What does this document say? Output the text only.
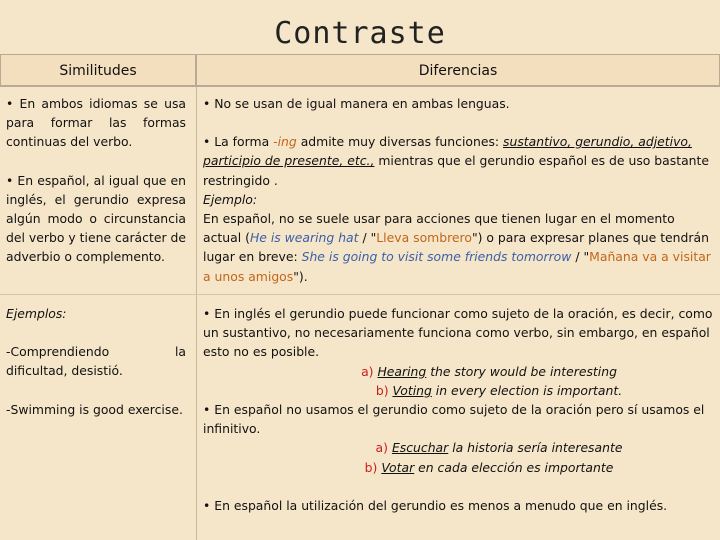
Contraste
Similitudes	Diferencias

• En ambos idiomas se usa para formar las formas continuas del verbo.

• En español, al igual que en inglés, el gerundio expresa algún modo o circunstancia del verbo y tiene carácter de adverbio o complemento.

Ejemplos:

-Comprendiendo	la

dificultad, desistió.

-Swimming is good exercise.

• No se usan de igual manera en ambas lenguas.

• La forma -ing admite muy diversas funciones: sustantivo, gerundio, adjetivo, participio de presente, etc., mientras que el gerundio español es de uso bastante restringido .

Ejemplo:

En español, no se suele usar para acciones que tienen lugar en el momento actual (He is wearing hat / "Lleva sombrero") o para expresar planes que tendrán lugar en breve: She is going to visit some friends tomorrow / "Mañana va a visitar a unos amigos").

• En inglés el gerundio puede funcionar como sujeto de la oración, es decir, como un sustantivo, no necesariamente funciona como verbo, sin embargo, en español esto no es posible.

a) Hearing the story would be interesting

b) Voting in every election is important.

• En español no usamos el gerundio como sujeto de la oración pero sí usamos el infinitivo.

a) Escuchar la historia sería interesante

b) Votar en cada elección es importante

• En español la utilización del gerundio es menos a menudo que en inglés.
